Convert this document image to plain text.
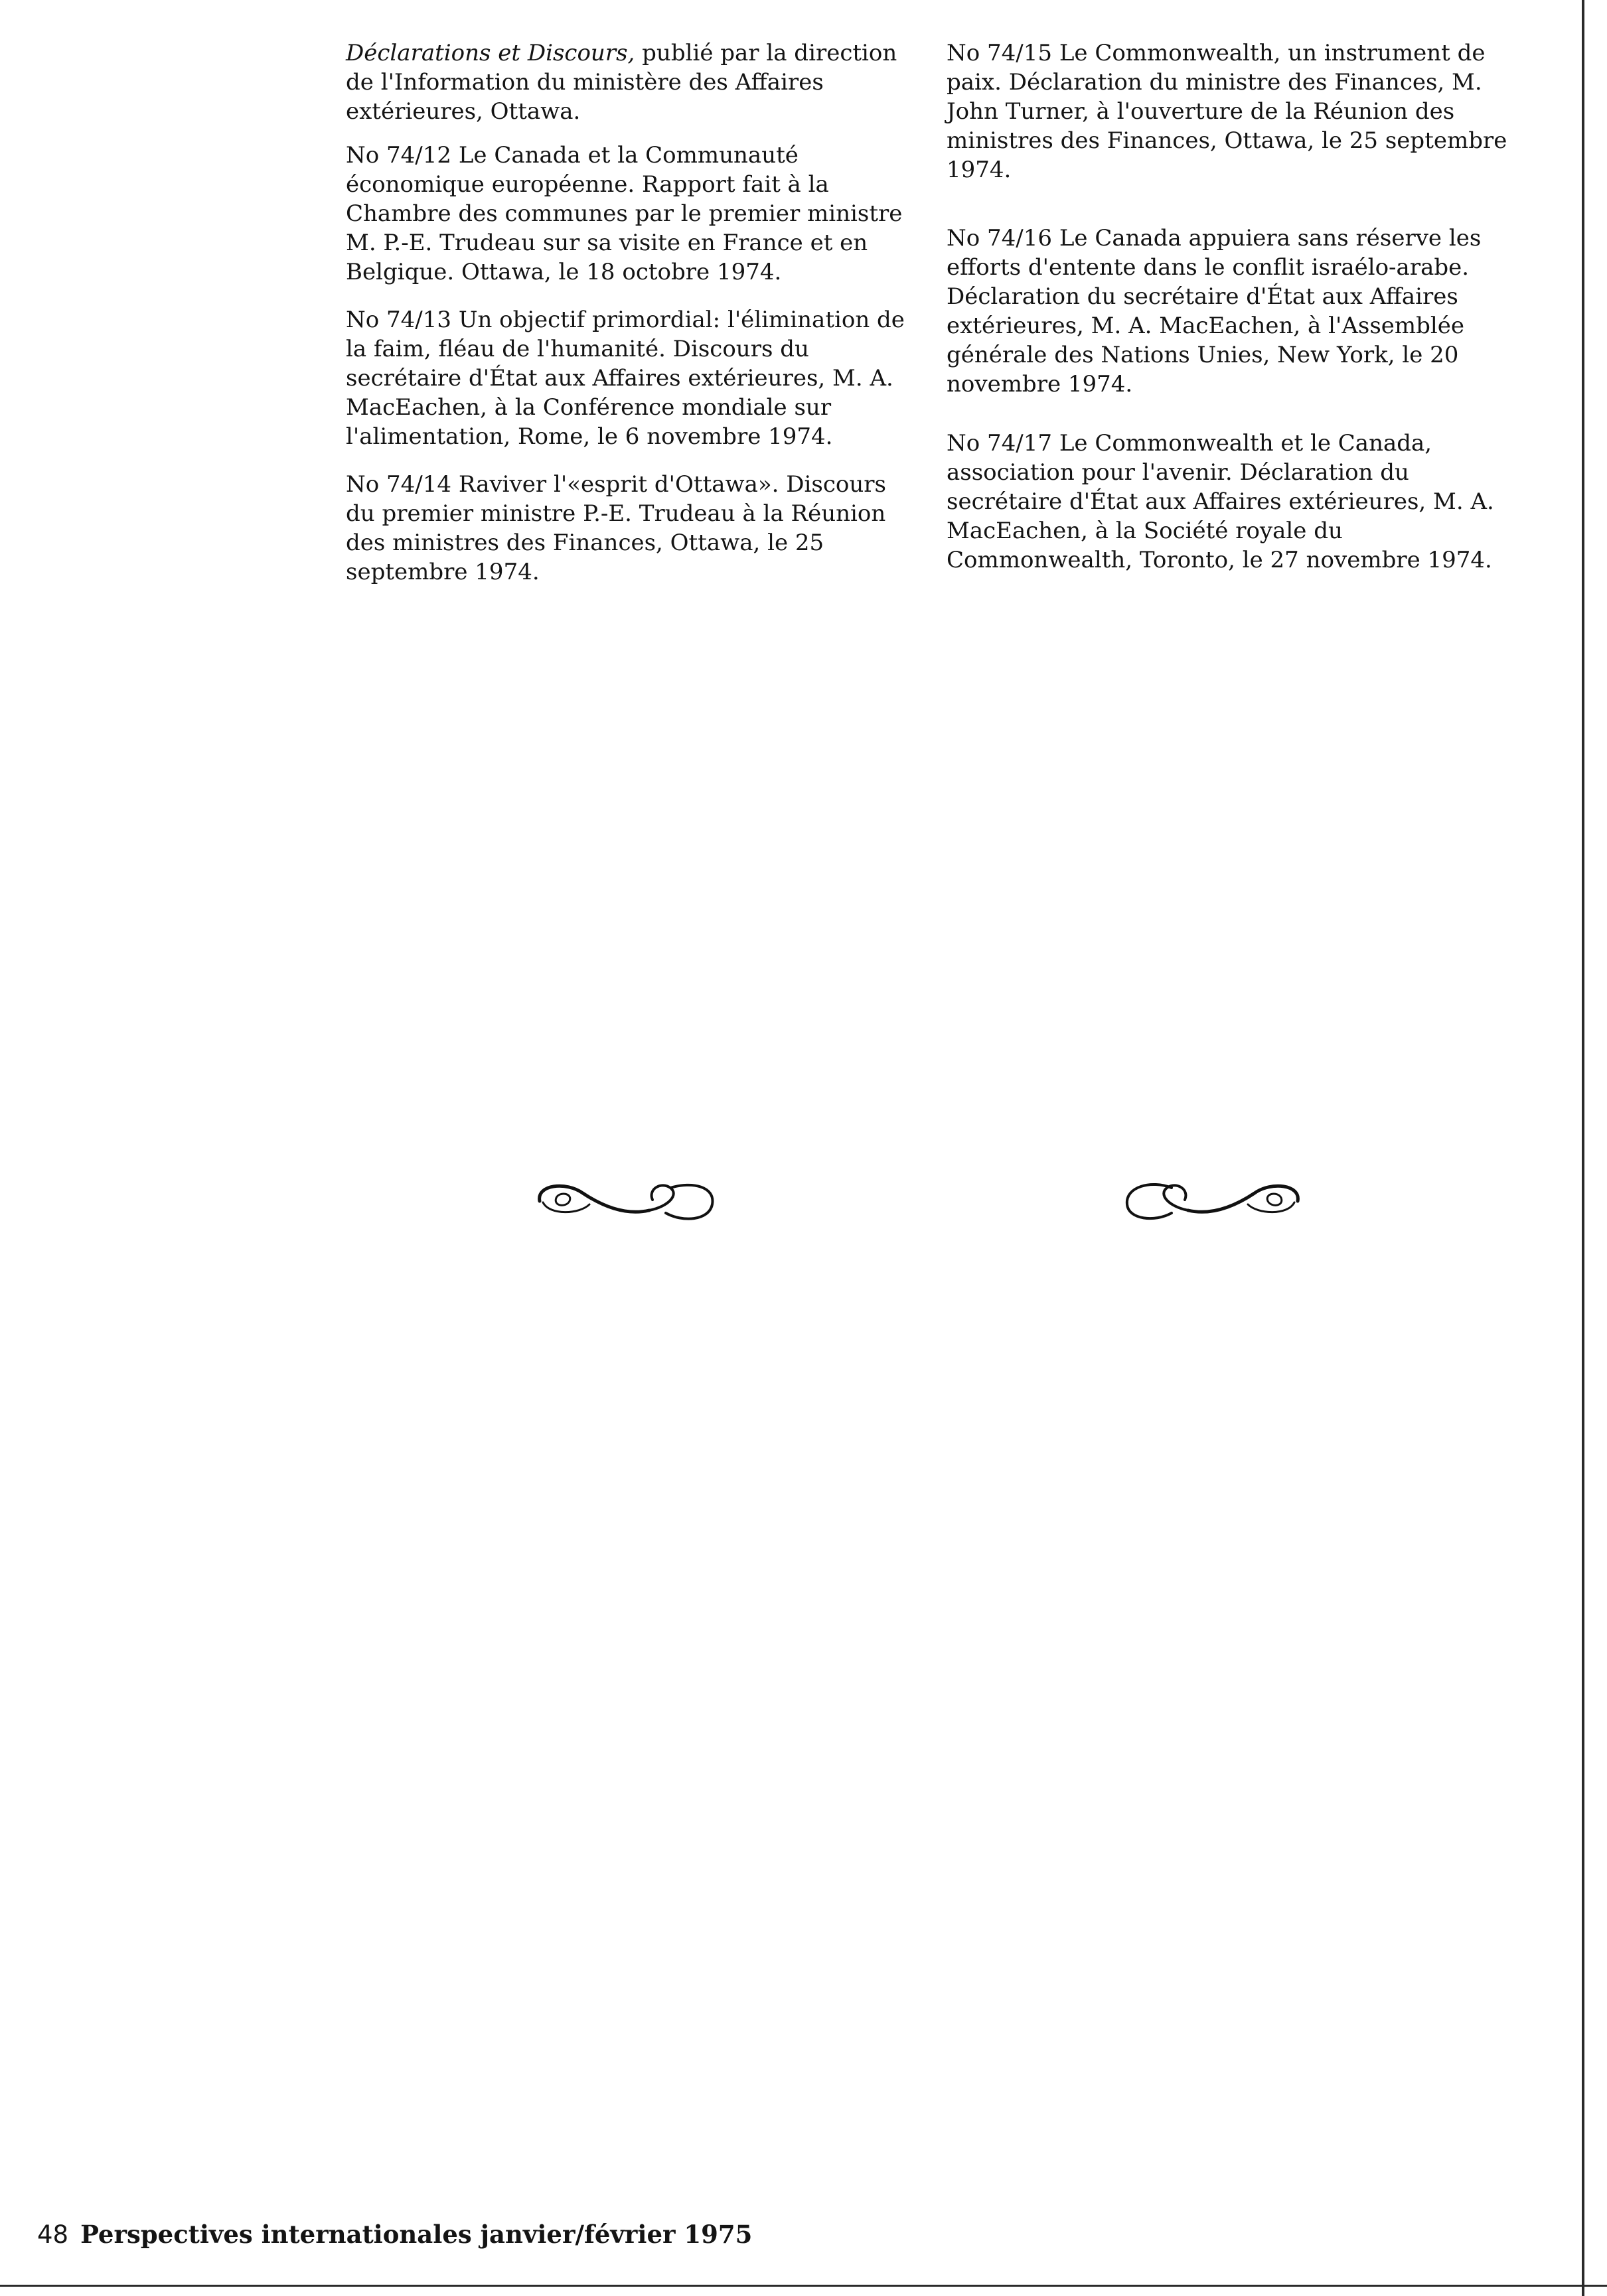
Déclarations et Discours, publié par la direction de l'Information du ministère des Affaires extérieures, Ottawa.

No 74/12 Le Canada et la Communauté économique européenne. Rapport fait à la Chambre des communes par le premier ministre M. P.-E. Trudeau sur sa visite en France et en Belgique. Ottawa, le 18 octobre 1974.

No 74/13 Un objectif primordial: l'élimination de la faim, fléau de l'humanité. Discours du secrétaire d'État aux Affaires extérieures, M. A. MacEachen, à la Conférence mondiale sur l'alimentation, Rome, le 6 novembre 1974.

No 74/14 Raviver l'«esprit d'Ottawa». Discours du premier ministre P.-E. Trudeau à la Réunion des ministres des Finances, Ottawa, le 25 septembre 1974.

No 74/15 Le Commonwealth, un instrument de paix. Déclaration du ministre des Finances, M. John Turner, à l'ouverture de la Réunion des ministres des Finances, Ottawa, le 25 septembre 1974.

No 74/16 Le Canada appuiera sans réserve les efforts d'entente dans le conflit israélo-arabe. Déclaration du secrétaire d'État aux Affaires extérieures, M. A. MacEachen, à l'Assemblée générale des Nations Unies, New York, le 20 novembre 1974.

No 74/17 Le Commonwealth et le Canada, association pour l'avenir. Déclaration du secrétaire d'État aux Affaires extérieures, M. A. MacEachen, à la Société royale du Commonwealth, Toronto, le 27 novembre 1974.

48 Perspectives internationales janvier/février 1975
